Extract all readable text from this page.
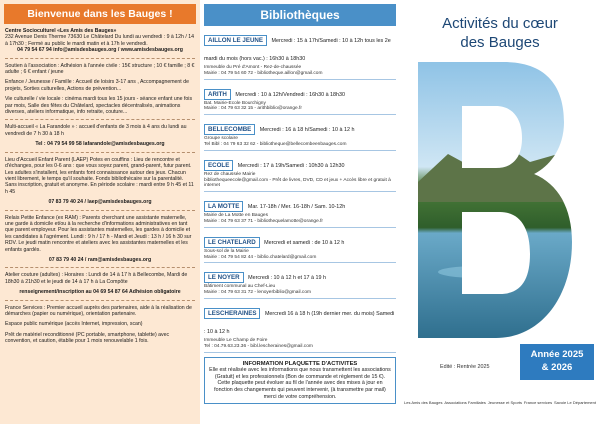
Bienvenue dans les Bauges !
Centre Socioculturel «Les Amis des Bauges»
232 Avenue Denis Therme 73630 Le Châtelard Du lundi au vendredi : 9 à 12h / 14 à 17h30 ; Fermé au public le mardi matin et à 17h le vendredi.
04 79 54 67 94 info@amisdesbauges.org / www.amisdesbauges.org
Soutien à l'association : Adhésion à l'année civile : 15€ structure ; 10 € famille ; 8 € adulte ; 6 € enfant / jeune
Enfance / Jeunesse / Famille : Accueil de loisirs 3-17 ans , Accompagnement de projets, Sorties culturelles, Actions de prévention...
Vie culturelle / vie locale : cinéma mardi tous les 15 jours - séance enfant une fois par mois, Salle des fêtes du Châtelard, spectacles décentralisés, animations diverses, ateliers informatique, info retraite, couture...
Multi-accueil « La Farandole » : accueil d'enfants de 3 mois à 4 ans du lundi au vendredi de 7 h 30 à 18 h
Tel : 04 79 54 99 58 lafarandole@amisdesbauges.org
Lieu d'Accueil Enfant Parent (LAEP) Potes en couffins : Lieu de rencontre et d'échanges, pour les 0-6 ans : que vous soyez parent, grand-parent, futur parent. Les adultes s'installent, les enfants font connaissance autour des jeux. Chacun vient librement, le temps qu'il souhaite. Fonds bibliothécaire sur la parentalité. Sans inscription, gratuit et anonyme. En période scolaire : mardi entre 9 h 45 et 11 h 45
07 83 79 40 24 / laep@amisdesbauges.org
Relais Petite Enfance (ex RAM) : Parents cherchant une assistante maternelle, une garde à domicile et/ou à la recherche d'informations administratives en tant que parent employeur. Pour les assistantes maternelles, les gardes à domicile et les candidates à l'agrément. Lundi : 9 h / 17 h - Mardi et Jeudi : 13 h / 16 h 30 sur RDV. Le jeudi matin rencontre et ateliers avec les assistantes maternelles et les enfants gardés.
07 83 79 40 24 / ram@amisdesbauges.org
Atelier couture (adultes) : Horaires : Lundi de 14 à 17 h à Bellecombe, Mardi de 18h30 à 21h30 et le jeudi de 14 à 17 h à La Compôte
renseignement/inscription au 04 69 54 87 64 Adhésion obligatoire
France Services : Premier accueil auprès des partenaires, aide à la réalisation de démarches (papier ou numérique), orientation partenaire.
Espace public numérique (accès Internet, impression, scan)
Prêt de matériel reconditionné (PC portable, smartphone, tablette) avec convention, et caution, établie pour 1 mois renouvelable 1 fois.
Bibliothèques
AILLON LE JEUNE Mercredi : 15 à 17h/Samedi : 10 à 12h tous les 2e mardi du mois (hors vac.) : 16h30 à 18h30
Immeuble du Pré d'Amont - Rez-de-chaussée
Mairie : 04 79 54 60 72 - bibliotheque.aillon@gmail.com
ARITH Mercredi : 10 à 12h/Vendredi : 16h30 à 18h30
Bat. Mairie-Ecole Bourchigny
Mairie : 04 79 63 32 15 - arithbiblio@orange.fr
BELLECOMBE Mercredi : 16 à 18 h/Samedi : 10 à 12 h
Groupe scolaire
Tel Bibl : 04 79 63 32 62 - bibliotheque@bellecombeenbauges.com
ECOLE Mercredi : 17 à 19h/Samedi : 10h30 à 12h30
Rez de chaussée Mairie
bibliothequeecole@gmail.com - Prêt de livres, DVD, CD et jeux + Accès libre et gratuit à internet
LA MOTTE Mar. 17-18h / Mer. 16-18h / Sam. 10-12h
Mairie de La Motte en Bauges
Mairie : 04 79 63 37 71 - bibliothequelamotte@orange.fr
LE CHATELARD Mercredi et samedi : de 10 à 12 h
Sous-sol de la Mairie
Mairie : 04 79 54 82 44 - biblio.chatelard@gmail.com
LE NOYER Mercredi : 10 à 12 h et 17 à 19 h
Bâtiment communal au Chef-Lieu
Mairie : 04 79 63 31 72 - lenoyerbiblio@gmail.com
LESCHERAINES Mercredi 16 à 18 h (19h dernier mer. du mois) Samedi : 10 à 12 h
Immeuble Le Champ de Foire
Tel : 04.79.63.23.36 - bibl.lescheraines@gmail.com
INFORMATION PLAQUETTE D'ACTIVITES
Elle est réalisée avec les informations que nous transmettent les associations (Gratuit) et les professionnels (Bon de commande et règlement de 15 €). Cette plaquette peut évoluer au fil de l'année avec des mises à jour en fonction des changements qui peuvent intervenir, (à transmettre par mail) merci de votre compréhension.
Activités du cœur
des Bauges
Edité : Rentrée 2025
Année 2025
& 2026
Les Amis des Bauges Associations Familiales Jeunesse et Sports France services Savoie Le Département
